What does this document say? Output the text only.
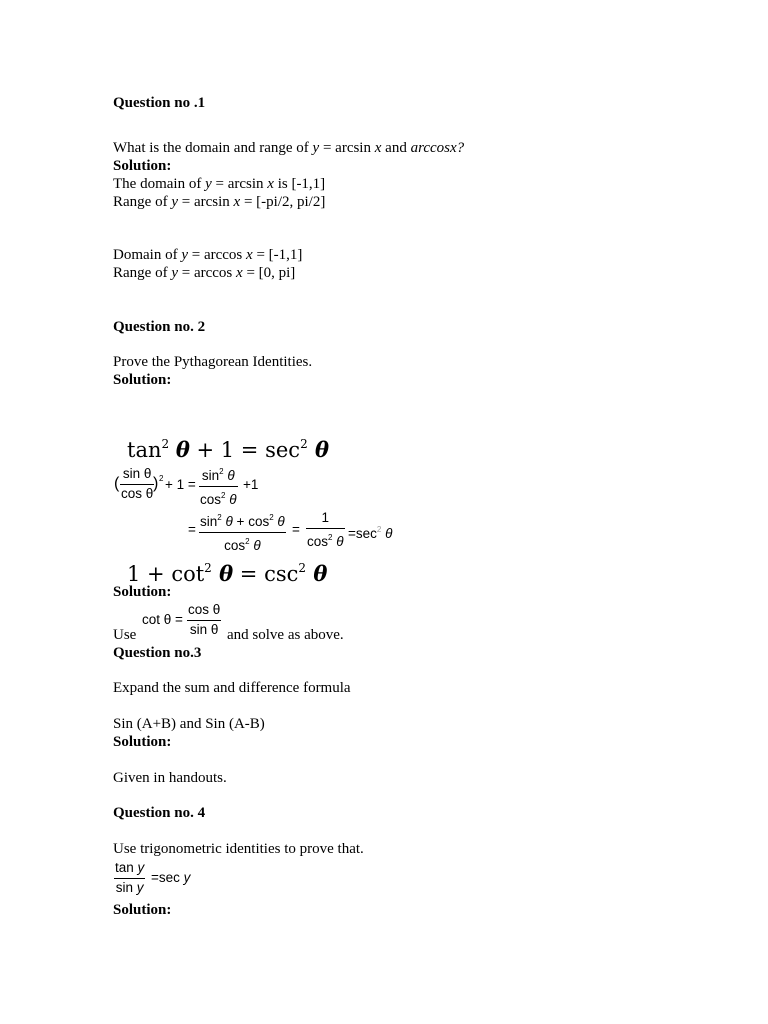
Question no .1
What is the domain and range of y = arcsin x and arccosx?
Solution:
The domain of y = arcsin x is [-1,1]
Range of y = arcsin x = [-pi/2, pi/2]
Domain of y = arccos x = [-1,1]
Range of y = arccos x = [0, pi]
Question no. 2
Prove the Pythagorean Identities.
Solution:
$\tan^2 \theta + 1 = \sec^2 \theta$
(
sin θ
cos θ
) 2 + 1 =
$\sin^2 \theta$
$\cos^2 \theta$
+1
=
$\sin^2 \theta + \cos^2 \theta$
$\cos^2 \theta$
=
1
$\cos^2 \theta$
$=\sec^2$ θ
$1 + \cot^2 \theta = \csc^2 \theta$
Solution:
Use
cot θ =
cos θ
sin θ and solve as above.
Question no.3
Expand the sum and difference formula
Sin (A+B) and Sin (A-B)
Solution:
Given in handouts.
Question no. 4
Use trigonometric identities to prove that.
tan y
sin y
=sec y
Solution:
